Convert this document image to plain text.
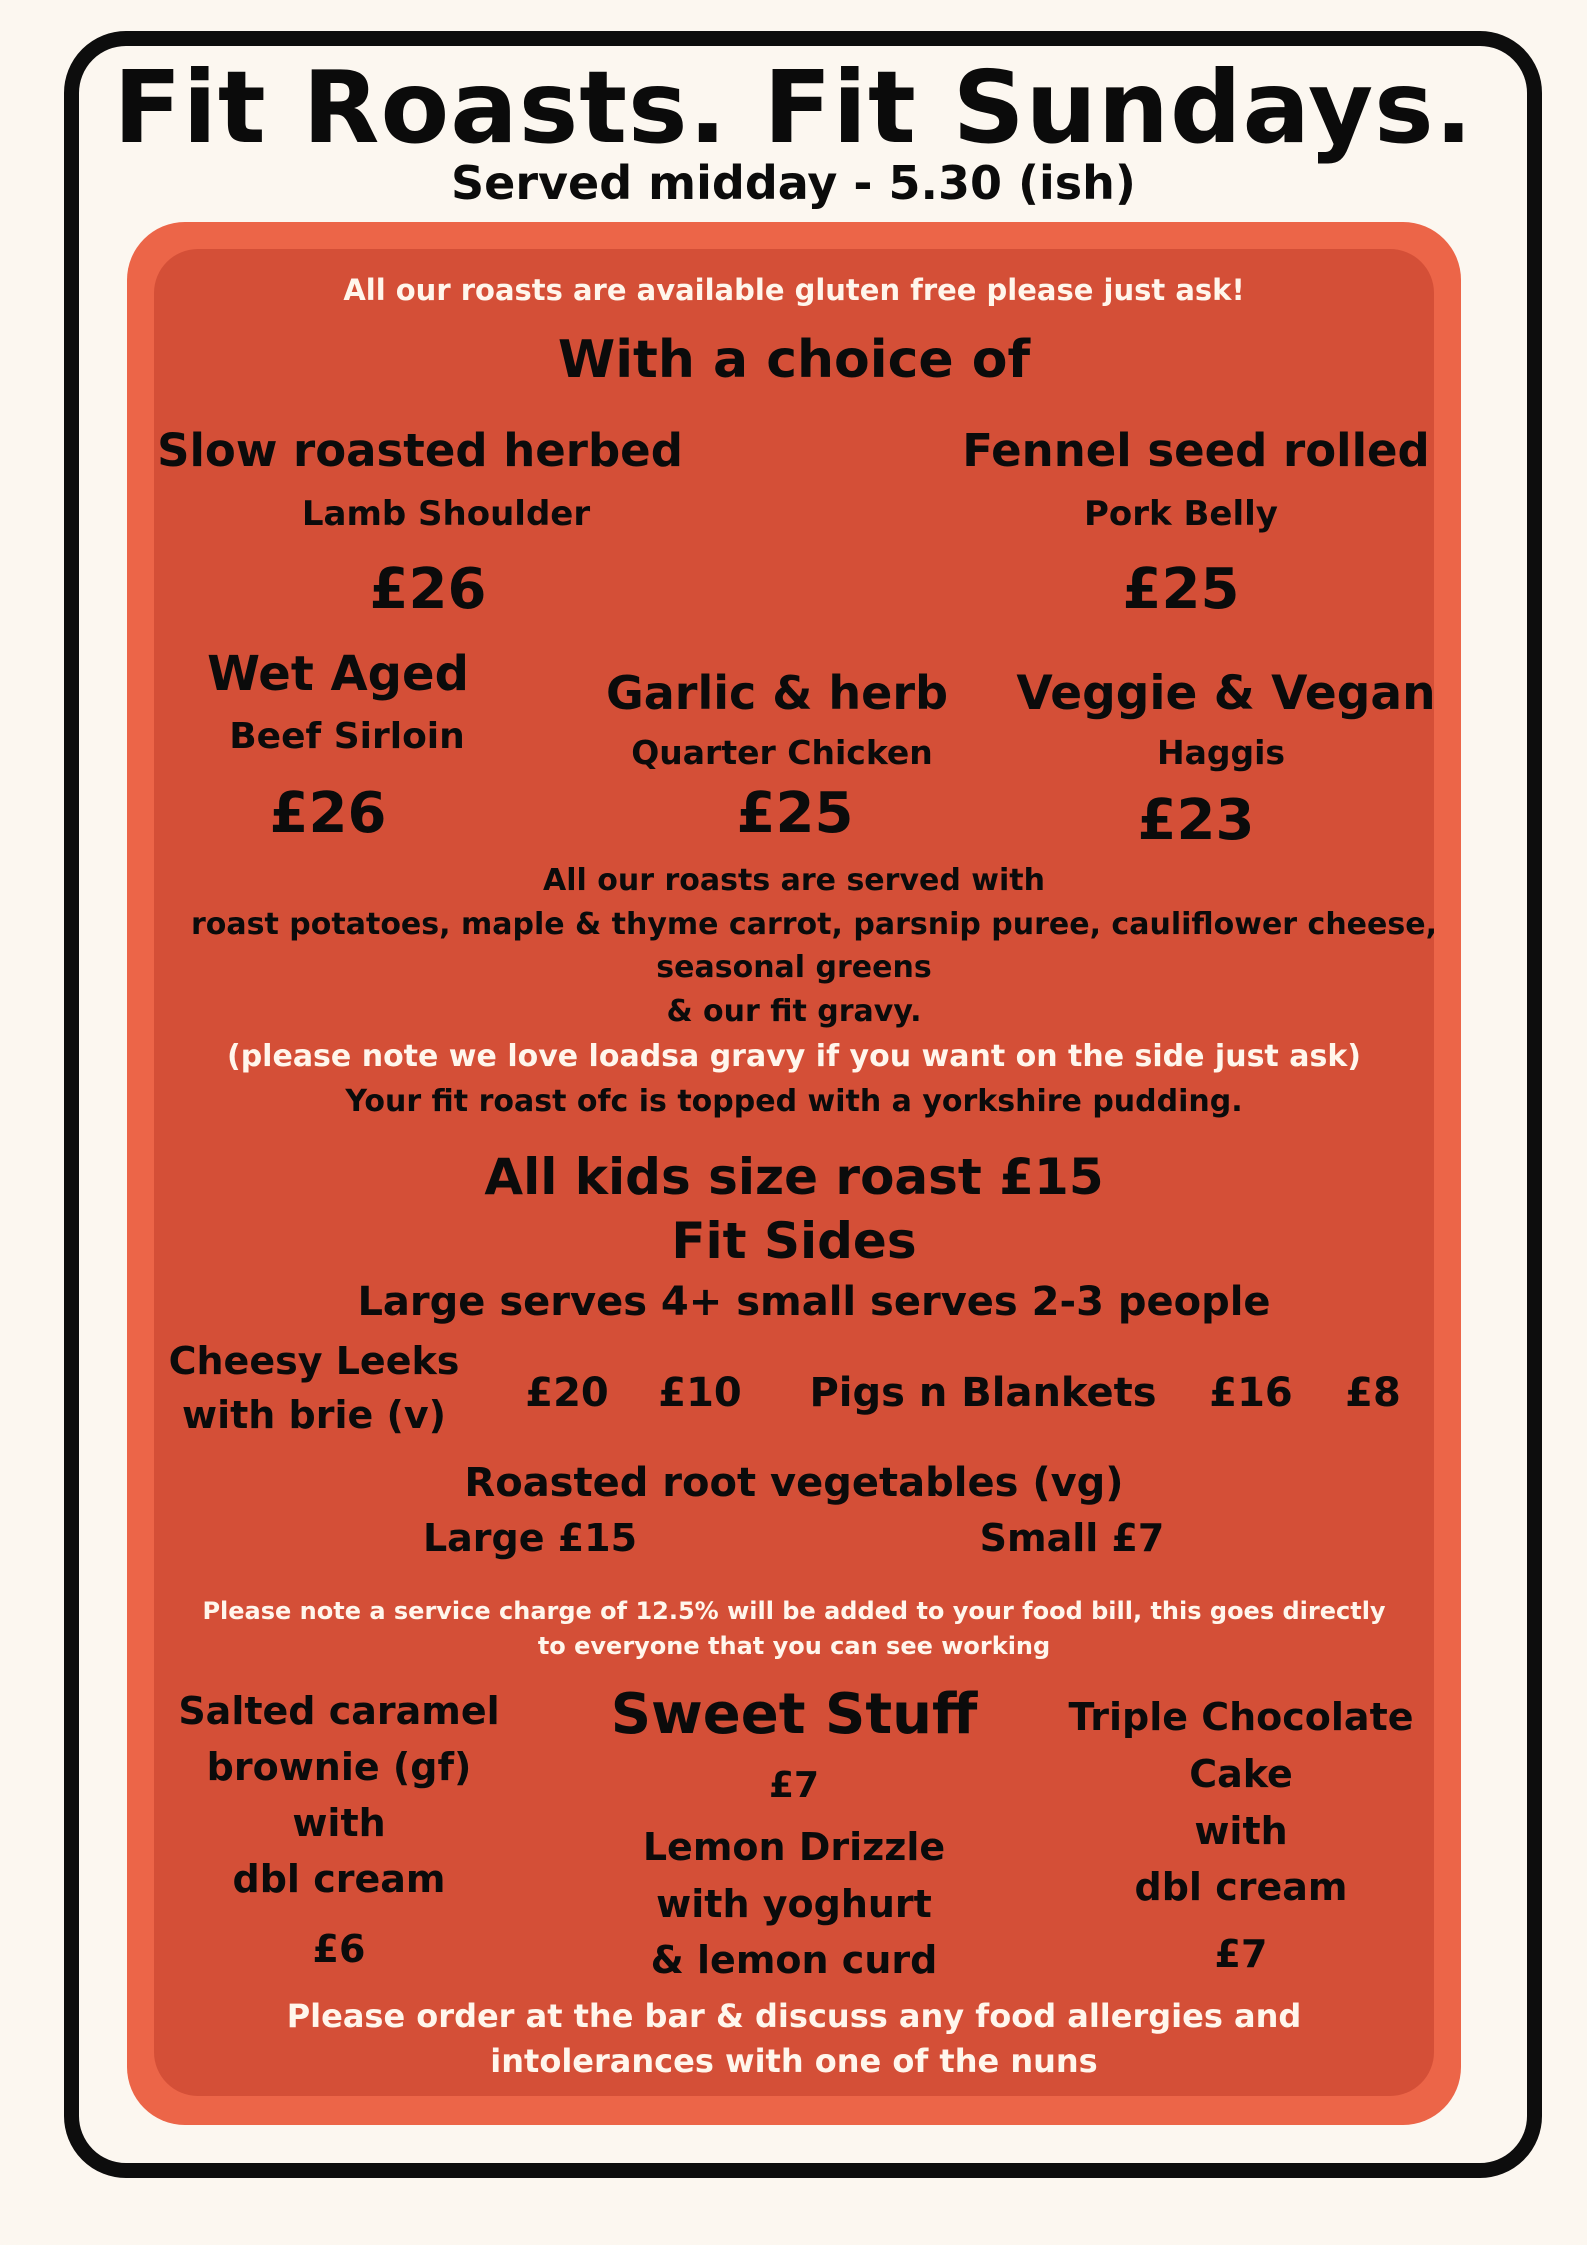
Fit Roasts. Fit Sundays.
Served midday - 5.30 (ish)
All our roasts are available gluten free please just ask!
With a choice of
Slow roasted herbed
Lamb Shoulder
£26
Fennel seed rolled
Pork Belly
£25
Wet Aged
Beef Sirloin
£26
Garlic & herb
Quarter Chicken
£25
Veggie & Vegan
Haggis
£23
All our roasts are served with
roast potatoes, maple & thyme carrot, parsnip puree, cauliflower cheese,
seasonal greens
& our fit gravy.
(please note we love loadsa gravy if you want on the side just ask)
Your fit roast ofc is topped with a yorkshire pudding.
All kids size roast £15
Fit Sides
Large serves 4+ small serves 2-3 people
Cheesy Leeks
with brie (v)	£20	£10	Pigs n Blankets	£16	£8
Roasted root vegetables (vg)
Large £15	Small £7
Please note a service charge of 12.5% will be added to your food bill, this goes directly
to everyone that you can see working
Salted caramel
brownie (gf)
with
dbl cream
£6
Sweet Stuff
£7
Lemon Drizzle
with yoghurt
& lemon curd
Triple Chocolate
Cake
with
dbl cream
£7
Please order at the bar & discuss any food allergies and
intolerances with one of the nuns
